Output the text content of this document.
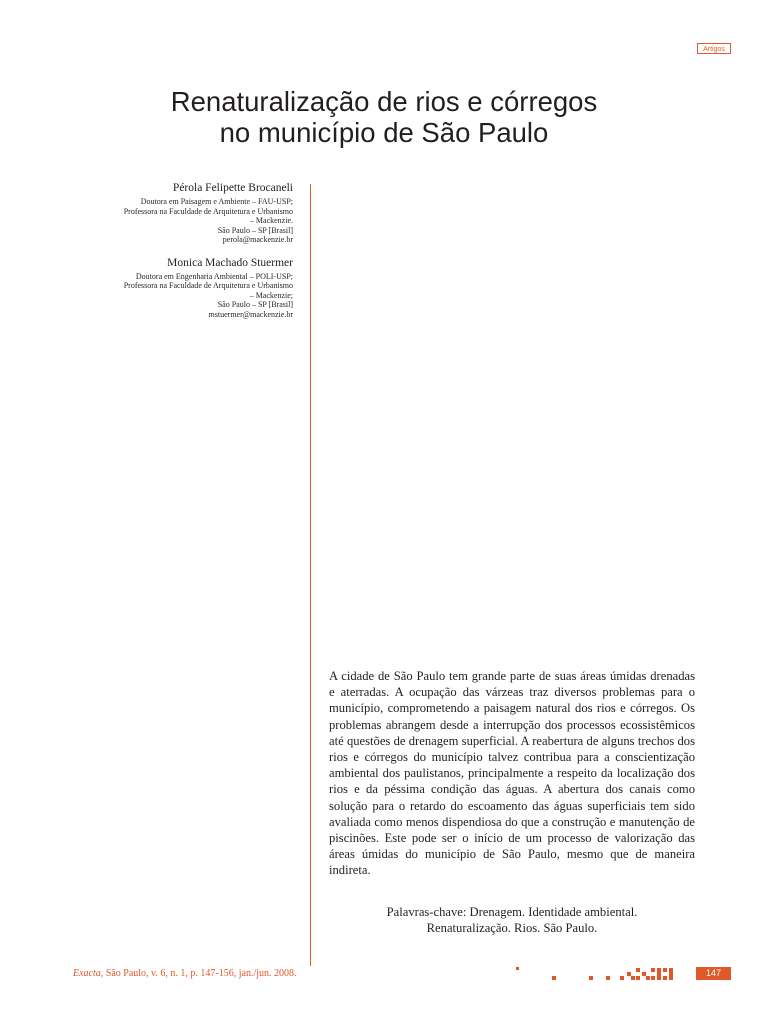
Artigos
Renaturalização de rios e córregos
no município de São Paulo

Pérola Felipette Brocaneli

Doutora em Paisagem e Ambiente – FAU-USP;

Professora na Faculdade de Arquitetura e Urbanismo

– Mackenzie.

São Paulo – SP [Brasil]

perola@mackenzie.br

Monica Machado Stuermer

Doutora em Engenharia Ambiental – POLI-USP;

Professora na Faculdade de Arquitetura e Urbanismo

– Mackenzie;

São Paulo – SP [Brasil]

mstuermer@mackenzie.br

A cidade de São Paulo tem grande parte de suas áreas úmidas drenadas e aterradas. A ocupação das várzeas traz diversos problemas para o município, comprometendo a paisagem natural dos rios e córregos. Os problemas abrangem desde a interrupção dos processos ecossistêmicos até questões de drenagem superficial. A reabertura de alguns trechos dos rios e córregos do município talvez contribua para a conscientização ambiental dos paulistanos, principalmente a respeito da localização dos rios e da péssima condição das águas. A abertura dos canais como solução para o retardo do escoamento das águas superficiais tem sido avaliada como menos dispendiosa do que a construção e manutenção de piscinões. Este pode ser o início de um processo de valorização das áreas úmidas do município de São Paulo, mesmo que de maneira indireta.

Palavras-chave: Drenagem. Identidade ambiental.
Renaturalização. Rios. São Paulo.
Exacta, São Paulo, v. 6, n. 1, p. 147-156, jan./jun. 2008.	147
